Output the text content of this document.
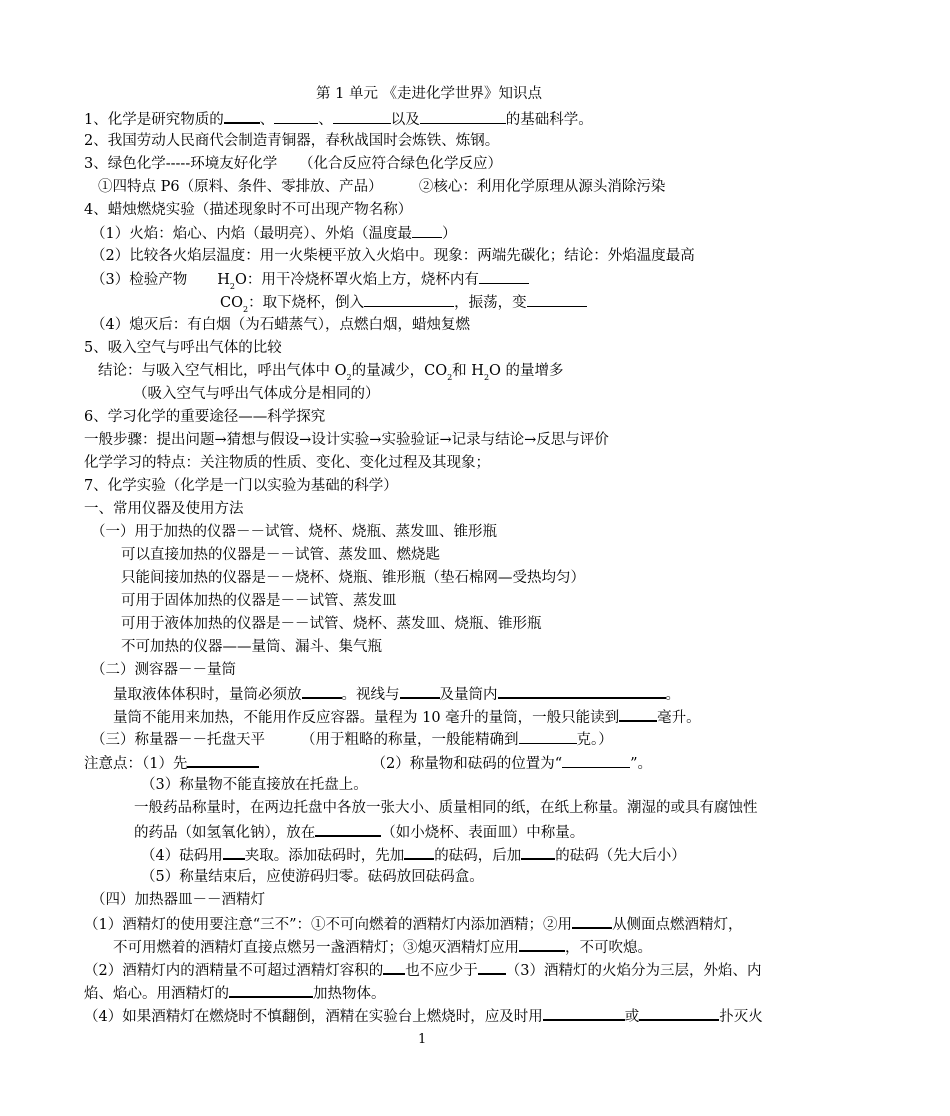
第 1 单元 《走进化学世界》知识点
1、化学是研究物质的 、	、	以及	的基础科学。
2、我国劳动人民商代会制造青铜器，春秋战国时会炼铁、炼钢。
3、绿色化学-----环境友好化学　　（化合反应符合绿色化学反应）
①四特点 P6（原料、条件、零排放、产品）　　　②核心：利用化学原理从源头消除污染
4、蜡烛燃烧实验（描述现象时不可出现产物名称）
（1）火焰：焰心、内焰（最明亮）、外焰（温度最 ）
（2）比较各火焰层温度：用一火柴梗平放入火焰中。现象：两端先碳化；结论：外焰温度最高
（3）检验产物 $H_2O$：用干冷烧杯罩火焰上方，烧杯内有
$CO_2$：取下烧杯，倒入	，振荡，变
（4）熄灭后：有白烟（为石蜡蒸气），点燃白烟，蜡烛复燃
5、吸入空气与呼出气体的比较
结论：与吸入空气相比，呼出气体中 $O_2$的量减少，$CO_2$和 $H_2O$ 的量增多
（吸入空气与呼出气体成分是相同的）
6、学习化学的重要途径——科学探究
一般步骤：提出问题→猜想与假设→设计实验→实验验证→记录与结论→反思与评价
化学学习的特点：关注物质的性质、变化、变化过程及其现象；
7、化学实验（化学是一门以实验为基础的科学）
一、常用仪器及使用方法
（一）用于加热的仪器－－试管、烧杯、烧瓶、蒸发皿、锥形瓶
可以直接加热的仪器是－－试管、蒸发皿、燃烧匙
只能间接加热的仪器是－－烧杯、烧瓶、锥形瓶（垫石棉网—受热均匀）
可用于固体加热的仪器是－－试管、蒸发皿
可用于液体加热的仪器是－－试管、烧杯、蒸发皿、烧瓶、锥形瓶
不可加热的仪器——量筒、漏斗、集气瓶
（二）测容器－－量筒
量取液体体积时，量筒必须放	。视线与	及量筒内	。
量筒不能用来加热，不能用作反应容器。量程为 10 毫升的量筒，一般只能读到	毫升。
（三）称量器－－托盘天平 （用于粗略的称量，一般能精确到	克。）
注意点：（1）先	（2）称量物和砝码的位置为“	”。
（3）称量物不能直接放在托盘上。
一般药品称量时，在两边托盘中各放一张大小、质量相同的纸，在纸上称量。潮湿的或具有腐蚀性
的药品（如氢氧化钠），放在	（如小烧杯、表面皿）中称量。
（4）砝码用 夹取。添加砝码时，先加 的砝码，后加 的砝码（先大后小）
（5）称量结束后，应使游码归零。砝码放回砝码盒。
（四）加热器皿－－酒精灯
（1）酒精灯的使用要注意“三不”：①不可向燃着的酒精灯内添加酒精；②用	从侧面点燃酒精灯，
不可用燃着的酒精灯直接点燃另一盏酒精灯；③熄灭酒精灯应用	，不可吹熄。
（2）酒精灯内的酒精量不可超过酒精灯容积的 也不应少于 （3）酒精灯的火焰分为三层，外焰、内
焰、焰心。用酒精灯的	加热物体。
（4）如果酒精灯在燃烧时不慎翻倒，酒精在实验台上燃烧时，应及时用	或	扑灭火
1
